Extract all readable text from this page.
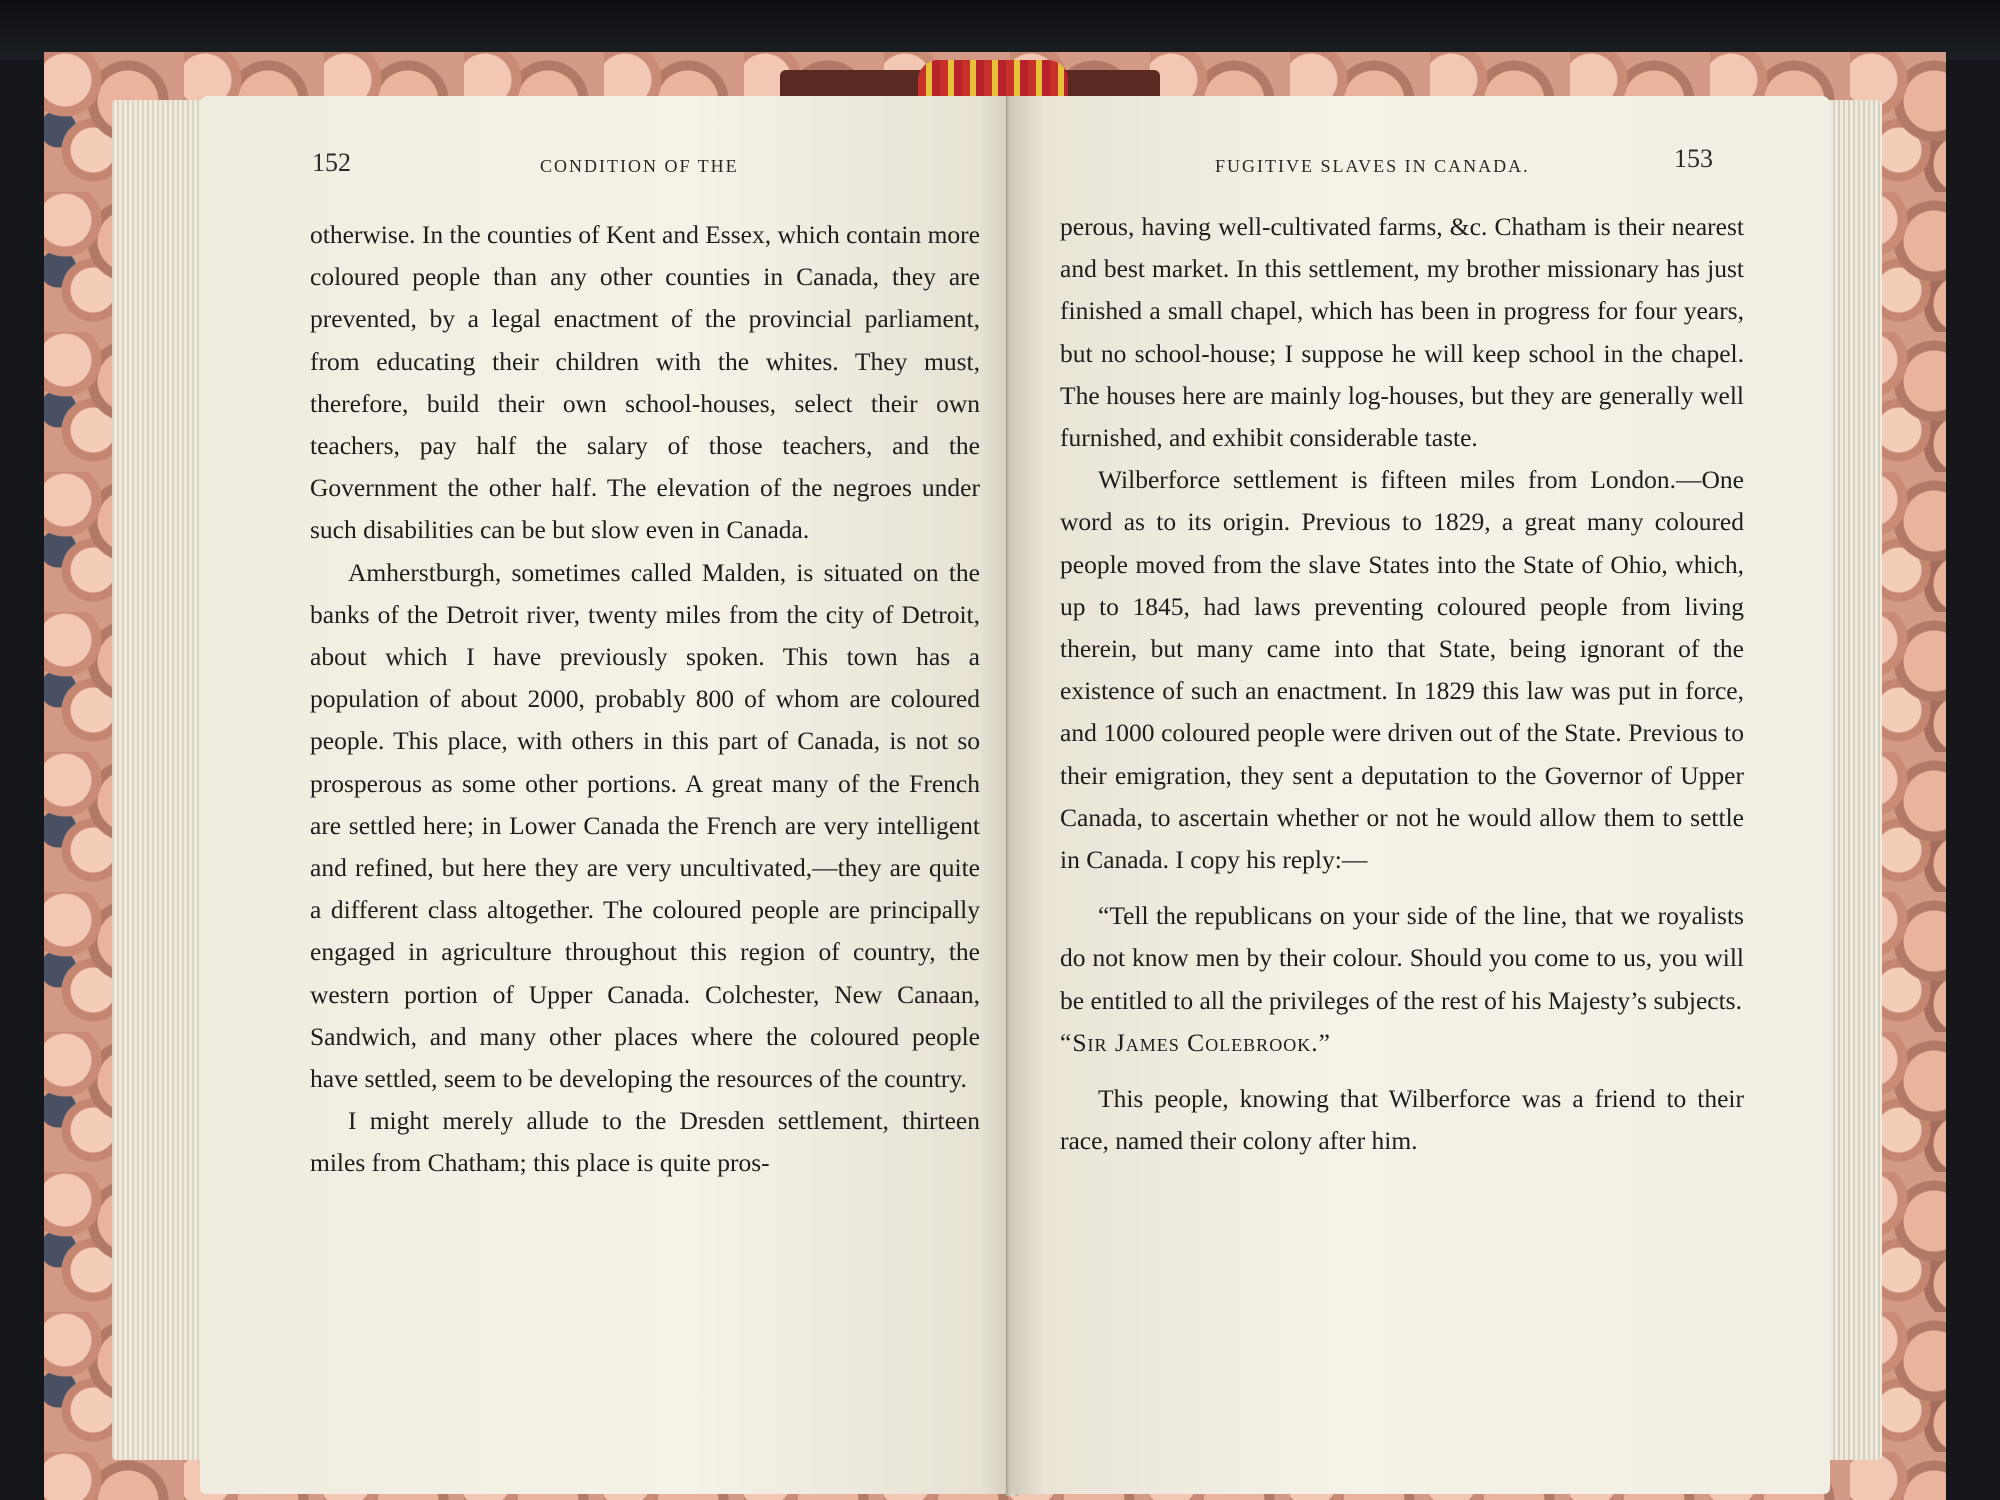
152	CONDITION OF THE

otherwise. In the counties of Kent and Essex, which contain more coloured people than any other counties in Canada, they are prevented, by a legal enactment of the provincial parliament, from educating their children with the whites. They must, therefore, build their own school-houses, select their own teachers, pay half the salary of those teachers, and the Government the other half. The elevation of the negroes under such disabilities can be but slow even in Canada.

Amherstburgh, sometimes called Malden, is situated on the banks of the Detroit river, twenty miles from the city of Detroit, about which I have previously spoken. This town has a population of about 2000, probably 800 of whom are coloured people. This place, with others in this part of Canada, is not so prosperous as some other portions. A great many of the French are settled here; in Lower Canada the French are very intelligent and refined, but here they are very uncultivated,—they are quite a different class altogether. The coloured people are principally engaged in agriculture throughout this region of country, the western portion of Upper Canada. Colchester, New Canaan, Sandwich, and many other places where the coloured people have settled, seem to be developing the resources of the country.

I might merely allude to the Dresden settlement, thirteen miles from Chatham; this place is quite pros-

FUGITIVE SLAVES IN CANADA.	153

perous, having well-cultivated farms, &c. Chatham is their nearest and best market. In this settlement, my brother missionary has just finished a small chapel, which has been in progress for four years, but no school-house; I suppose he will keep school in the chapel. The houses here are mainly log-houses, but they are generally well furnished, and exhibit considerable taste.

Wilberforce settlement is fifteen miles from London.—One word as to its origin. Previous to 1829, a great many coloured people moved from the slave States into the State of Ohio, which, up to 1845, had laws preventing coloured people from living therein, but many came into that State, being ignorant of the existence of such an enactment. In 1829 this law was put in force, and 1000 coloured people were driven out of the State. Previous to their emigration, they sent a deputation to the Governor of Upper Canada, to ascertain whether or not he would allow them to settle in Canada. I copy his reply:—

“Tell the republicans on your side of the line, that we royalists do not know men by their colour. Should you come to us, you will be entitled to all the privileges of the rest of his Majesty’s subjects.

“Sir James Colebrook.”

This people, knowing that Wilberforce was a friend to their race, named their colony after him.
